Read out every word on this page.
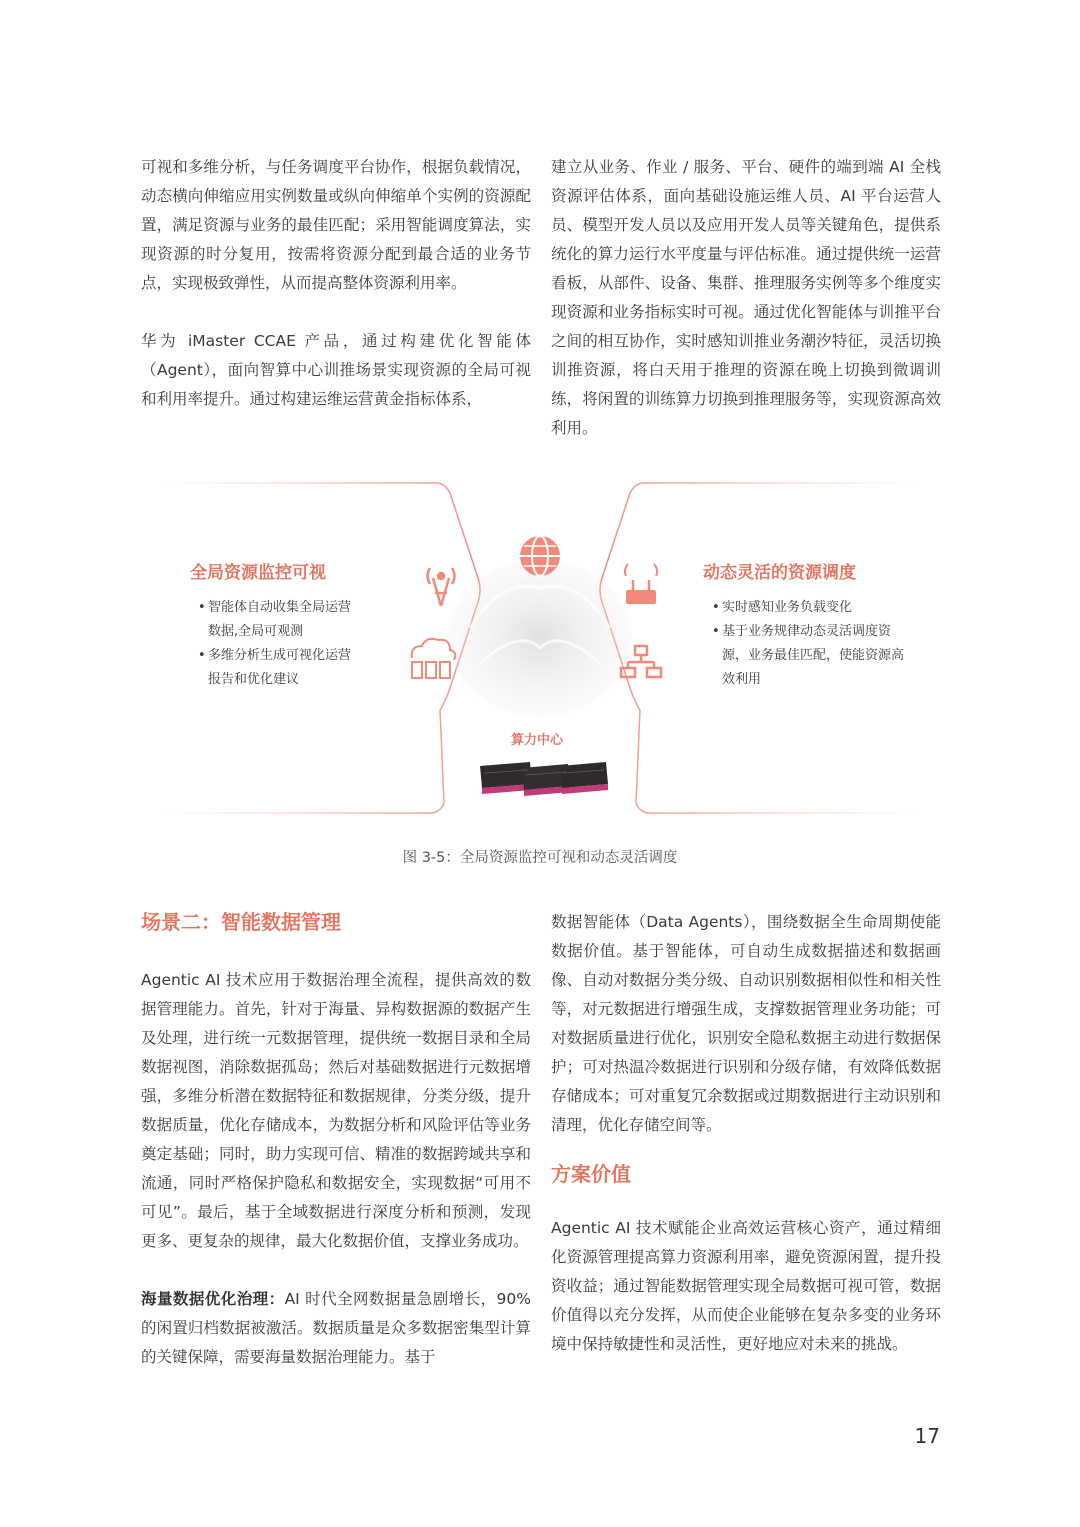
可视和多维分析，与任务调度平台协作，根据负载情况，动态横向伸缩应用实例数量或纵向伸缩单个实例的资源配置，满足资源与业务的最佳匹配；采用智能调度算法，实现资源的时分复用，按需将资源分配到最合适的业务节点，实现极致弹性，从而提高整体资源利用率。

华为 iMaster CCAE 产品，通过构建优化智能体（Agent），面向智算中心训推场景实现资源的全局可视和利用率提升。通过构建运维运营黄金指标体系，

建立从业务、作业 / 服务、平台、硬件的端到端 AI 全栈资源评估体系，面向基础设施运维人员、AI 平台运营人员、模型开发人员以及应用开发人员等关键角色，提供系统化的算力运行水平度量与评估标准。通过提供统一运营看板，从部件、设备、集群、推理服务实例等多个维度实现资源和业务指标实时可视。通过优化智能体与训推平台之间的相互协作，实时感知训推业务潮汐特征，灵活切换训推资源，将白天用于推理的资源在晚上切换到微调训练，将闲置的训练算力切换到推理服务等，实现资源高效利用。

全局资源监控可视
• 智能体自动收集全局运营数据,全局可观测
• 多维分析生成可视化运营报告和优化建议
动态灵活的资源调度
• 实时感知业务负载变化
• 基于业务规律动态灵活调度资源，业务最佳匹配，使能资源高效利用
算力中心
图 3-5：全局资源监控可视和动态灵活调度

场景二：智能数据管理

Agentic AI 技术应用于数据治理全流程，提供高效的数据管理能力。首先，针对于海量、异构数据源的数据产生及处理，进行统一元数据管理，提供统一数据目录和全局数据视图，消除数据孤岛；然后对基础数据进行元数据增强，多维分析潜在数据特征和数据规律，分类分级，提升数据质量，优化存储成本，为数据分析和风险评估等业务奠定基础；同时，助力实现可信、精准的数据跨域共享和流通，同时严格保护隐私和数据安全，实现数据“可用不可见”。最后，基于全域数据进行深度分析和预测，发现更多、更复杂的规律，最大化数据价值，支撑业务成功。

海量数据优化治理：AI 时代全网数据量急剧增长，90% 的闲置归档数据被激活。数据质量是众多数据密集型计算的关键保障，需要海量数据治理能力。基于

数据智能体（Data Agents），围绕数据全生命周期使能数据价值。基于智能体，可自动生成数据描述和数据画像、自动对数据分类分级、自动识别数据相似性和相关性等，对元数据进行增强生成，支撑数据管理业务功能；可对数据质量进行优化，识别安全隐私数据主动进行数据保护；可对热温冷数据进行识别和分级存储，有效降低数据存储成本；可对重复冗余数据或过期数据进行主动识别和清理，优化存储空间等。

方案价值

Agentic AI 技术赋能企业高效运营核心资产，通过精细化资源管理提高算力资源利用率，避免资源闲置，提升投资收益；通过智能数据管理实现全局数据可视可管，数据价值得以充分发挥，从而使企业能够在复杂多变的业务环境中保持敏捷性和灵活性，更好地应对未来的挑战。

17
